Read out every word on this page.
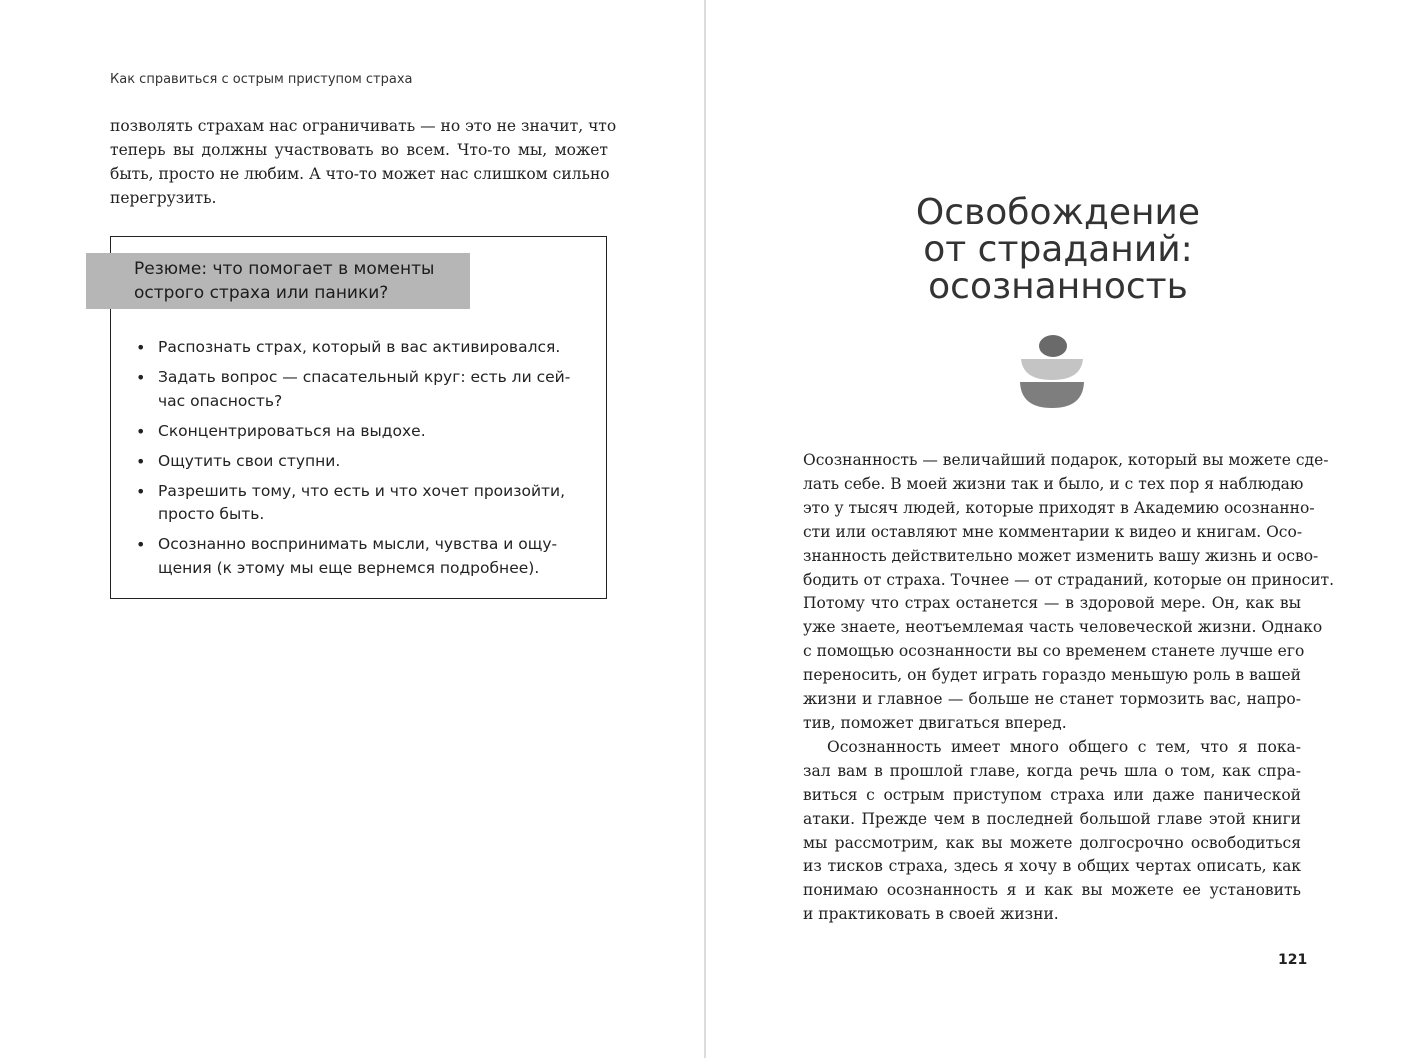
Как справиться с острым приступом страха
позволять страхам нас ограничивать — но это не значит, что
теперь вы должны участвовать во всем. Что-то мы, может
быть, просто не любим. А что-то может нас слишком сильно
перегрузить.
Резюме: что помогает в моменты
острого страха или паники?
• Распознать страх, который в вас активировался.
• Задать вопрос — спасательный круг: есть ли сей-
час опасность?
• Сконцентрироваться на выдохе.
• Ощутить свои ступни.
• Разрешить тому, что есть и что хочет произойти,
просто быть.
• Осознанно воспринимать мысли, чувства и ощу-
щения (к этому мы еще вернемся подробнее).
Освобождение
от страданий:
осознанность
Осознанность — величайший подарок, который вы можете сде-
лать себе. В моей жизни так и было, и с тех пор я наблюдаю
это у тысяч людей, которые приходят в Академию осознанно-
сти или оставляют мне комментарии к видео и книгам. Осо-
знанность действительно может изменить вашу жизнь и осво-
бодить от страха. Точнее — от страданий, которые он приносит.
Потому что страх останется — в здоровой мере. Он, как вы
уже знаете, неотъемлемая часть человеческой жизни. Однако
с помощью осознанности вы со временем станете лучше его
переносить, он будет играть гораздо меньшую роль в вашей
жизни и главное — больше не станет тормозить вас, напро-
тив, поможет двигаться вперед.
Осознанность имеет много общего с тем, что я пока-
зал вам в прошлой главе, когда речь шла о том, как спра-
виться с острым приступом страха или даже панической
атаки. Прежде чем в последней большой главе этой книги
мы рассмотрим, как вы можете долгосрочно освободиться
из тисков страха, здесь я хочу в общих чертах описать, как
понимаю осознанность я и как вы можете ее установить
и практиковать в своей жизни.
121
